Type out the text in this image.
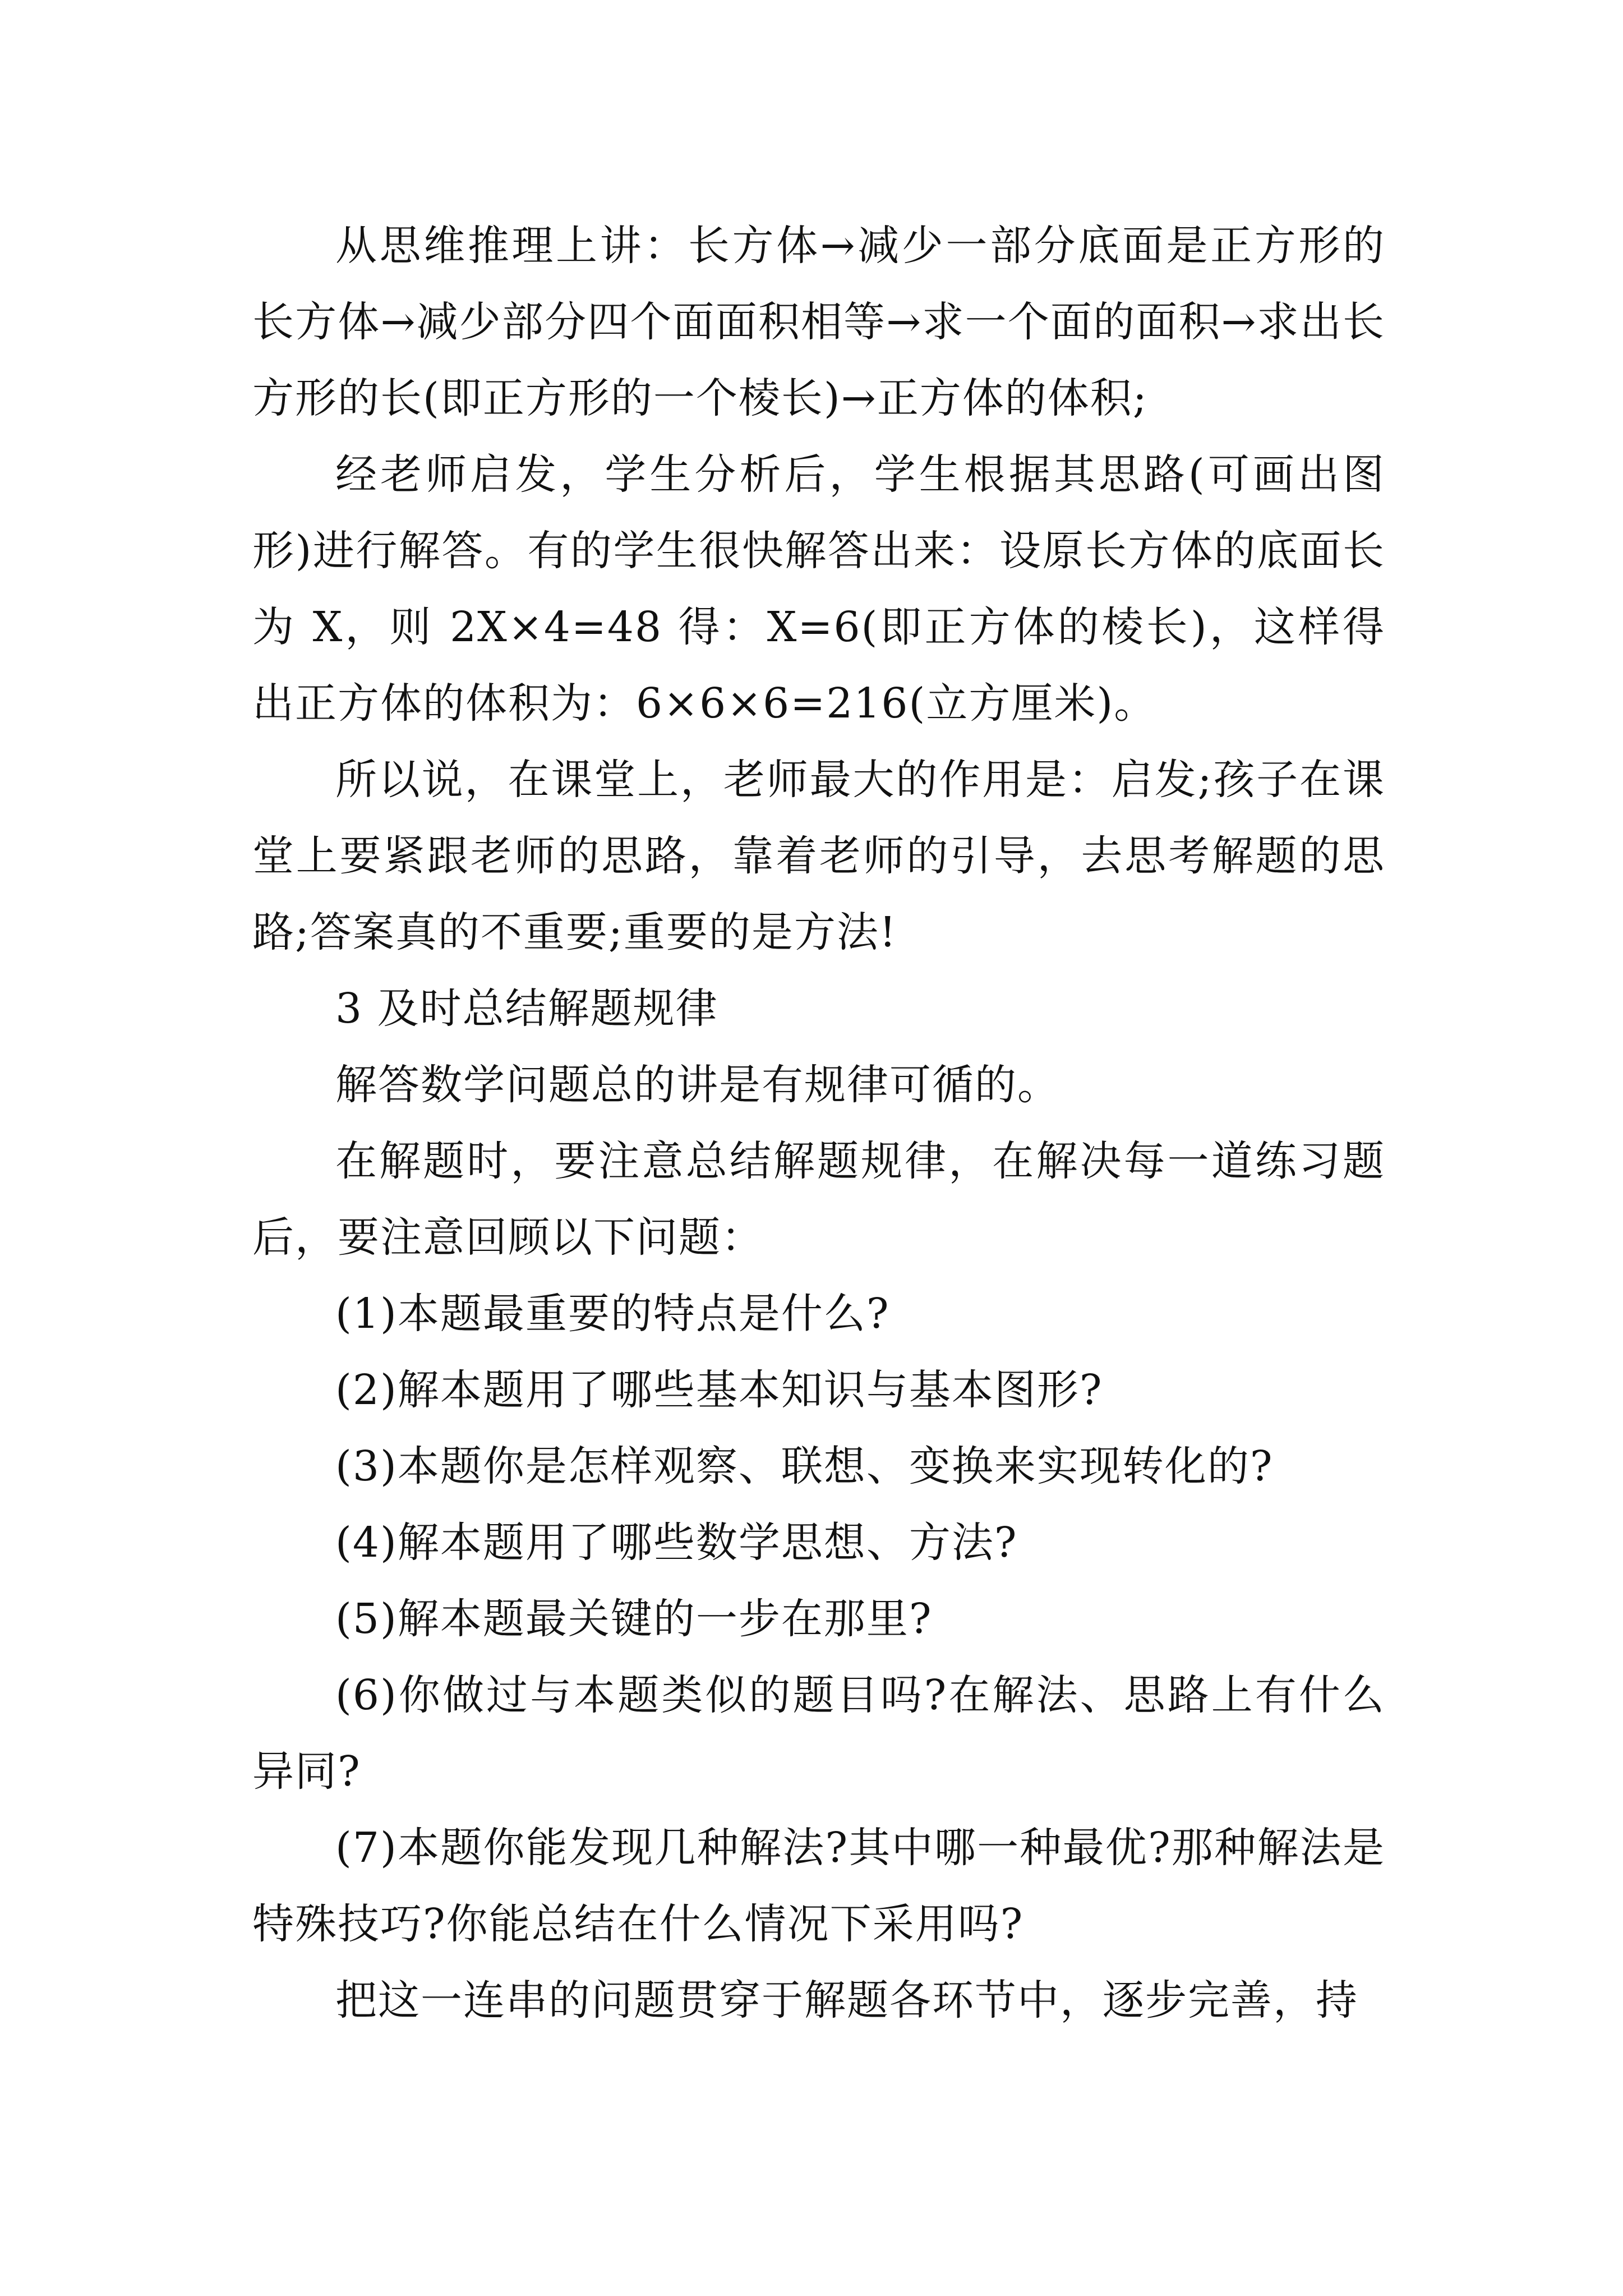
从思维推理上讲：长方体→减少一部分底面是正方形的长方体→减少部分四个面面积相等→求一个面的面积→求出长方形的长(即正方形的一个棱长)→正方体的体积;

经老师启发，学生分析后，学生根据其思路(可画出图形)进行解答。有的学生很快解答出来：设原长方体的底面长为 X，则 2X×4=48 得：X=6(即正方体的棱长)，这样得出正方体的体积为：6×6×6=216(立方厘米)。

所以说，在课堂上，老师最大的作用是：启发;孩子在课堂上要紧跟老师的思路，靠着老师的引导，去思考解题的思路;答案真的不重要;重要的是方法!

3 及时总结解题规律

解答数学问题总的讲是有规律可循的。

在解题时，要注意总结解题规律，在解决每一道练习题后，要注意回顾以下问题：

(1)本题最重要的特点是什么?

(2)解本题用了哪些基本知识与基本图形?

(3)本题你是怎样观察、联想、变换来实现转化的?

(4)解本题用了哪些数学思想、方法?

(5)解本题最关键的一步在那里?

(6)你做过与本题类似的题目吗?在解法、思路上有什么异同?

(7)本题你能发现几种解法?其中哪一种最优?那种解法是特殊技巧?你能总结在什么情况下采用吗?

把这一连串的问题贯穿于解题各环节中，逐步完善，持
